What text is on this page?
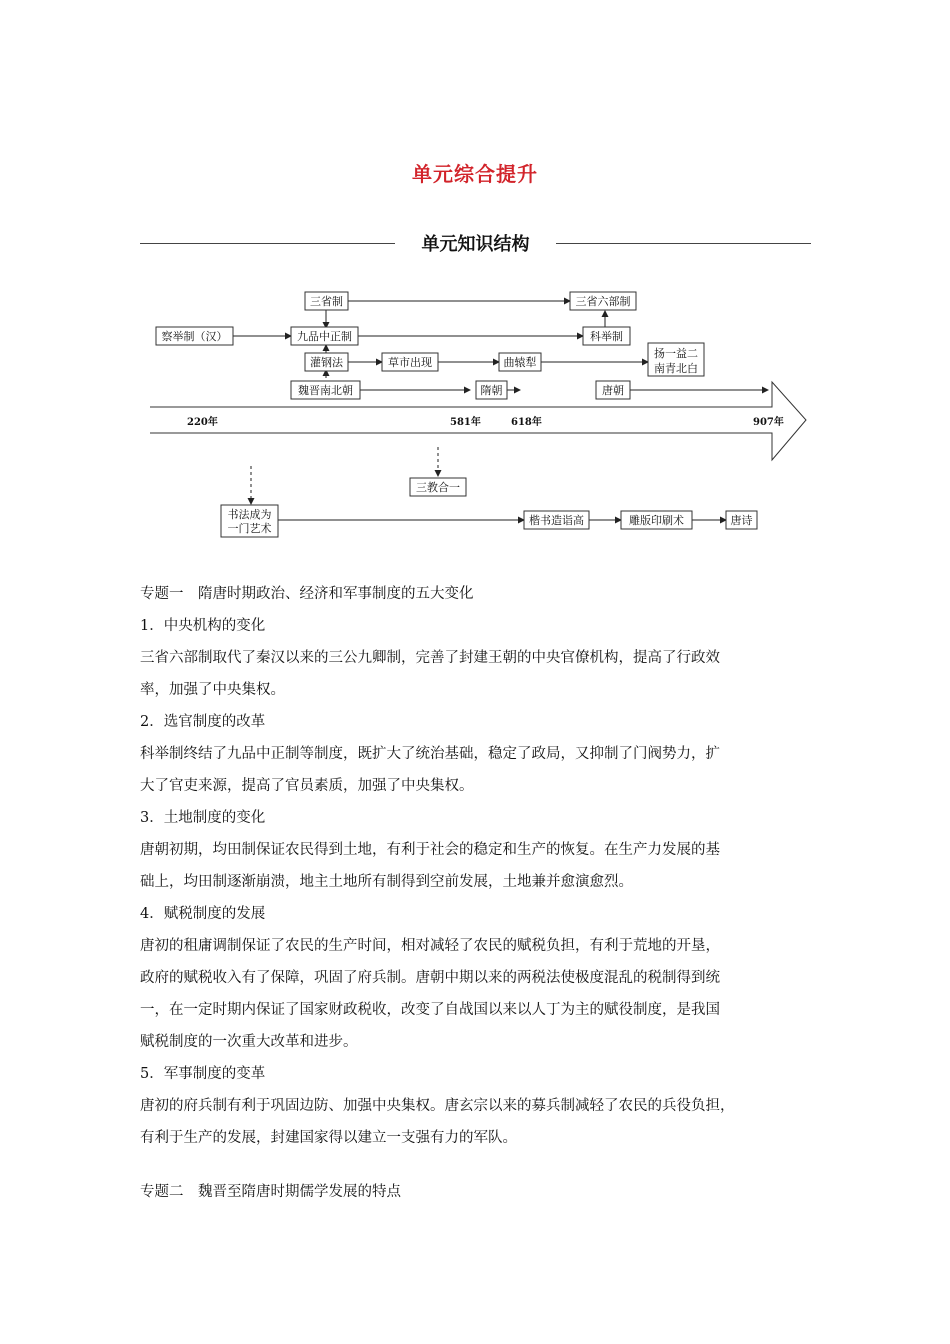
单元综合提升
单元知识结构
220年	581年	618年	907年
三省制	三省六部制
察举制（汉）	九品中正制	科举制
灌钢法	草市出现	曲辕犁
扬一益二
南青北白
魏晋南北朝	隋朝	唐朝
三教合一
书法成为
一门艺术
楷书造诣高	雕版印刷术	唐诗

专题一　隋唐时期政治、经济和军事制度的五大变化

1．中央机构的变化

三省六部制取代了秦汉以来的三公九卿制，完善了封建王朝的中央官僚机构，提高了行政效

率，加强了中央集权。

2．选官制度的改革

科举制终结了九品中正制等制度，既扩大了统治基础，稳定了政局，又抑制了门阀势力，扩

大了官吏来源，提高了官员素质，加强了中央集权。

3．土地制度的变化

唐朝初期，均田制保证农民得到土地，有利于社会的稳定和生产的恢复。在生产力发展的基

础上，均田制逐渐崩溃，地主土地所有制得到空前发展，土地兼并愈演愈烈。

4．赋税制度的发展

唐初的租庸调制保证了农民的生产时间，相对减轻了农民的赋税负担，有利于荒地的开垦，

政府的赋税收入有了保障，巩固了府兵制。唐朝中期以来的两税法使极度混乱的税制得到统

一，在一定时期内保证了国家财政税收，改变了自战国以来以人丁为主的赋役制度，是我国

赋税制度的一次重大改革和进步。

5．军事制度的变革

唐初的府兵制有利于巩固边防、加强中央集权。唐玄宗以来的募兵制减轻了农民的兵役负担，

有利于生产的发展，封建国家得以建立一支强有力的军队。

专题二　魏晋至隋唐时期儒学发展的特点
